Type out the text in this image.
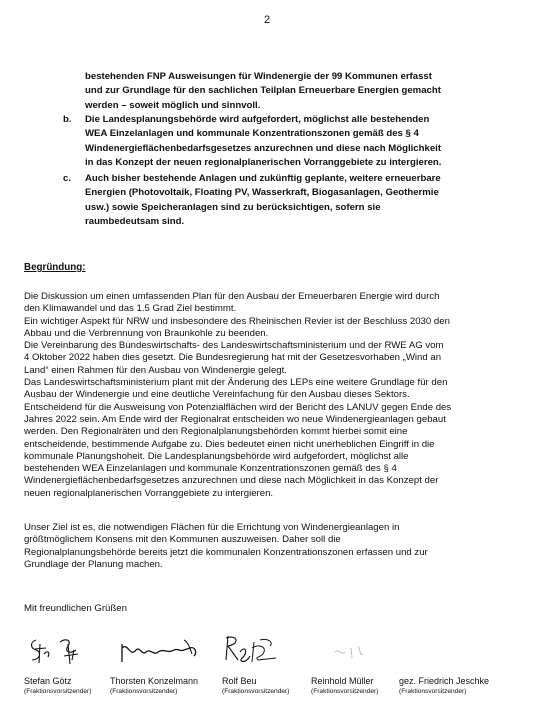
2
bestehenden FNP Ausweisungen für Windenergie der 99 Kommunen erfasst
und zur Grundlage für den sachlichen Teilplan Erneuerbare Energien gemacht
werden – soweit möglich und sinnvoll.
b. Die Landesplanungsbehörde wird aufgefordert, möglichst alle bestehenden
WEA Einzelanlagen und kommunale Konzentrationszonen gemäß des § 4
Windenergieflächenbedarfsgesetzes anzurechnen und diese nach Möglichkeit
in das Konzept der neuen regionalplanerischen Vorranggebiete zu intergieren.
c. Auch bisher bestehende Anlagen und zukünftig geplante, weitere erneuerbare
Energien (Photovoltaik, Floating PV, Wasserkraft, Biogasanlagen, Geothermie
usw.) sowie Speicheranlagen sind zu berücksichtigen, sofern sie
raumbedeutsam sind.
Begründung:
Die Diskussion um einen umfassenden Plan für den Ausbau der Erneuerbaren Energie wird durch
den Klimawandel und das 1.5 Grad Ziel bestimmt.
Ein wichtiger Aspekt für NRW und insbesondere des Rheinischen Revier ist der Beschluss 2030 den
Abbau und die Verbrennung von Braunkohle zu beenden.
Die Vereinbarung des Bundeswirtschafts- des Landeswirtschaftsministerium und der RWE AG vom
4 Oktober 2022 haben dies gesetzt. Die Bundesregierung hat mit der Gesetzesvorhaben „Wind an
Land“ einen Rahmen für den Ausbau von Windenergie gelegt.
Das Landeswirtschaftsministerium plant mit der Änderung des LEPs eine weitere Grundlage für den
Ausbau der Windenergie und eine deutliche Vereinfachung für den Ausbau dieses Sektors.
Entscheidend für die Ausweisung von Potenzialflächen wird der Bericht des LANUV gegen Ende des
Jahres 2022 sein. Am Ende wird der Regionalrat entscheiden wo neue Windenergieanlagen gebaut
werden. Den Regionalräten und den Regionalplanungsbehörden kommt hierbei somit eine
entscheidende, bestimmende Aufgabe zu. Dies bedeutet einen nicht unerheblichen Eingriff in die
kommunale Planungshoheit. Die Landesplanungsbehörde wird aufgefordert, möglichst alle
bestehenden WEA Einzelanlagen und kommunale Konzentrationszonen gemäß des § 4
Windenergieflächenbedarfsgesetzes anzurechnen und diese nach Möglichkeit in das Konzept der
neuen regionalplanerischen Vorranggebiete zu intergieren.
Unser Ziel ist es, die notwendigen Flächen für die Errichtung von Windenergieanlagen in
größtmöglichem Konsens mit den Kommunen auszuweisen. Daher soll die
Regionalplanungsbehörde bereits jetzt die kommunalen Konzentrationszonen erfassen und zur
Grundlage der Planung machen.
Mit freundlichen Grüßen
Stefan Götz
(Fraktionsvorsitzender)
Thorsten Konzelmann
(Fraktionsvorsitzender)
Rolf Beu
(Fraktionsvorsitzender)
Reinhold Müller
(Fraktionsvorsitzender)
gez. Friedrich Jeschke
(Fraktionsvorsitzender)
